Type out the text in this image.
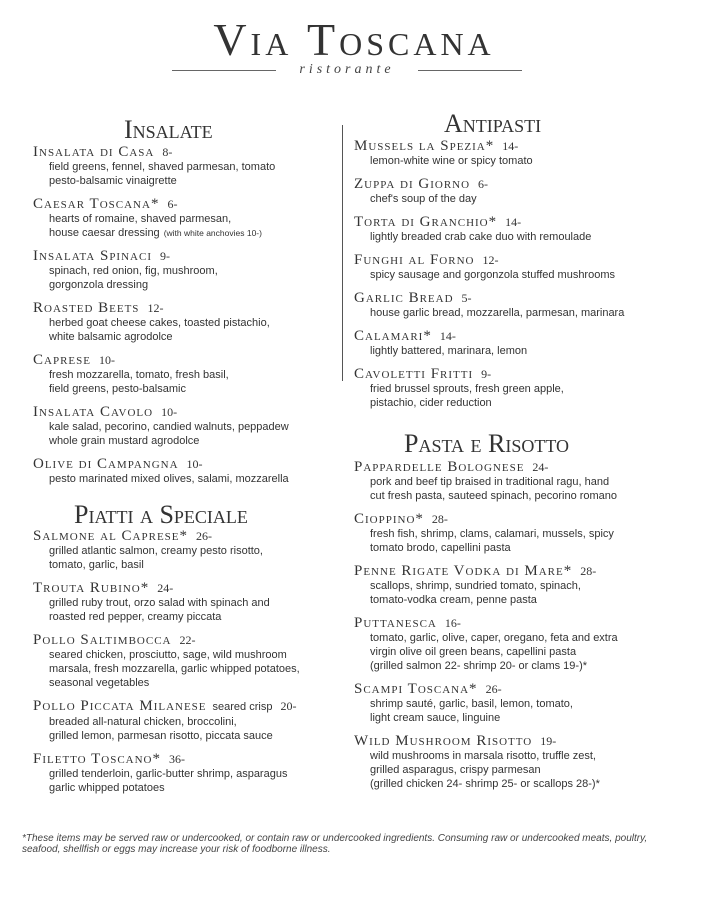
Via Toscana
ristorante
Insalate
Insalata di Casa 8-
field greens, fennel, shaved parmesan, tomato
pesto-balsamic vinaigrette
Caesar Toscana* 6-
hearts of romaine, shaved parmesan,
house caesar dressing (with white anchovies 10-)
Insalata Spinaci 9-
spinach, red onion, fig, mushroom,
gorgonzola dressing
Roasted Beets 12-
herbed goat cheese cakes, toasted pistachio,
white balsamic agrodolce
Caprese 10-
fresh mozzarella, tomato, fresh basil,
field greens, pesto-balsamic
Insalata Cavolo 10-
kale salad, pecorino, candied walnuts, peppadew
whole grain mustard agrodolce
Olive di Campangna 10-
pesto marinated mixed olives, salami, mozzarella
Antipasti
Mussels la Spezia* 14-
lemon-white wine or spicy tomato
Zuppa di Giorno 6-
chef's soup of the day
Torta di Granchio* 14-
lightly breaded crab cake duo with remoulade
Funghi al Forno 12-
spicy sausage and gorgonzola stuffed mushrooms
Garlic Bread 5-
house garlic bread, mozzarella, parmesan, marinara
Calamari* 14-
lightly battered, marinara, lemon
Cavoletti Fritti 9-
fried brussel sprouts, fresh green apple,
pistachio, cider reduction
Piatti a Speciale
Salmone al Caprese* 26-
grilled atlantic salmon, creamy pesto risotto,
tomato, garlic, basil
Trouta Rubino* 24-
grilled ruby trout, orzo salad with spinach and
roasted red pepper, creamy piccata
Pollo Saltimbocca 22-
seared chicken, prosciutto, sage, wild mushroom
marsala, fresh mozzarella, garlic whipped potatoes,
seasonal vegetables
Pollo Piccata Milanese seared crisp 20-
breaded all-natural chicken, broccolini,
grilled lemon, parmesan risotto, piccata sauce
Filetto Toscano* 36-
grilled tenderloin, garlic-butter shrimp, asparagus
garlic whipped potatoes
Pasta e Risotto
Pappardelle Bolognese 24-
pork and beef tip braised in traditional ragu, hand
cut fresh pasta, sauteed spinach, pecorino romano
Cioppino* 28-
fresh fish, shrimp, clams, calamari, mussels, spicy
tomato brodo, capellini pasta
Penne Rigate Vodka di Mare* 28-
scallops, shrimp, sundried tomato, spinach,
tomato-vodka cream, penne pasta
Puttanesca 16-
tomato, garlic, olive, caper, oregano, feta and extra
virgin olive oil green beans, capellini pasta
(grilled salmon 22- shrimp 20- or clams 19-)*
Scampi Toscana* 26-
shrimp sauté, garlic, basil, lemon, tomato,
light cream sauce, linguine
Wild Mushroom Risotto 19-
wild mushrooms in marsala risotto, truffle zest,
grilled asparagus, crispy parmesan
(grilled chicken 24- shrimp 25- or scallops 28-)*
*These items may be served raw or undercooked, or contain raw or undercooked ingredients. Consuming raw or undercooked meats, poultry, seafood, shellfish or eggs may increase your risk of foodborne illness.
